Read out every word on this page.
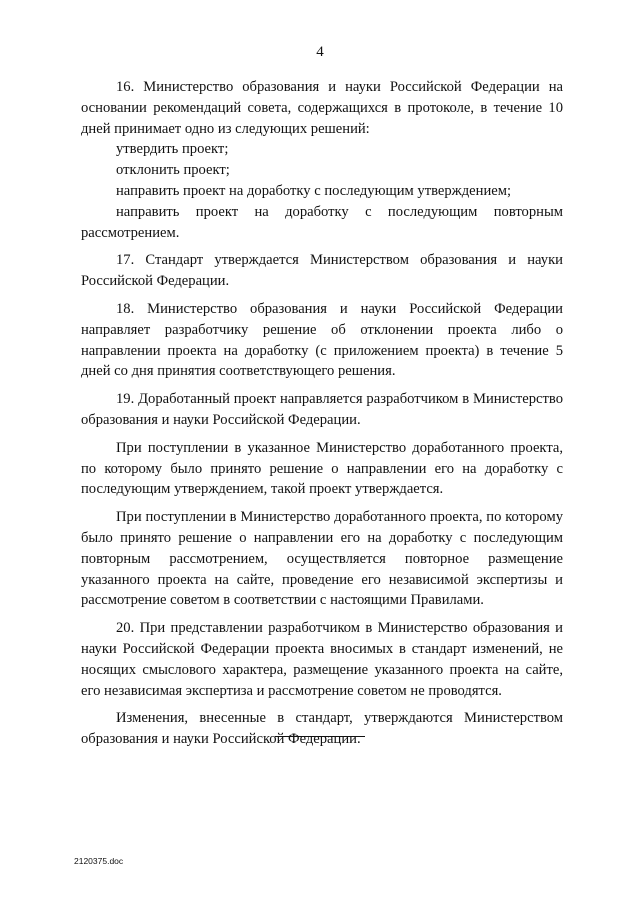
4

16. Министерство образования и науки Российской Федерации на основании рекомендаций совета, содержащихся в протоколе, в течение 10 дней принимает одно из следующих решений:

утвердить проект;

отклонить проект;

направить проект на доработку с последующим утверждением;

направить проект на доработку с последующим повторным рассмотрением.

17. Стандарт утверждается Министерством образования и науки Российской Федерации.

18. Министерство образования и науки Российской Федерации направляет разработчику решение об отклонении проекта либо о направлении проекта на доработку (с приложением проекта) в течение 5 дней со дня принятия соответствующего решения.

19. Доработанный проект направляется разработчиком в Министерство образования и науки Российской Федерации.

При поступлении в указанное Министерство доработанного проекта, по которому было принято решение о направлении его на доработку с последующим утверждением, такой проект утверждается.

При поступлении в Министерство доработанного проекта, по которому было принято решение о направлении его на доработку с последующим повторным рассмотрением, осуществляется повторное размещение указанного проекта на сайте, проведение его независимой экспертизы и рассмотрение советом в соответствии с настоящими Правилами.

20. При представлении разработчиком в Министерство образования и науки Российской Федерации проекта вносимых в стандарт изменений, не носящих смыслового характера, размещение указанного проекта на сайте, его независимая экспертиза и рассмотрение советом не проводятся.

Изменения, внесенные в стандарт, утверждаются Министерством образования и науки Российской Федерации.

2120375.doc
